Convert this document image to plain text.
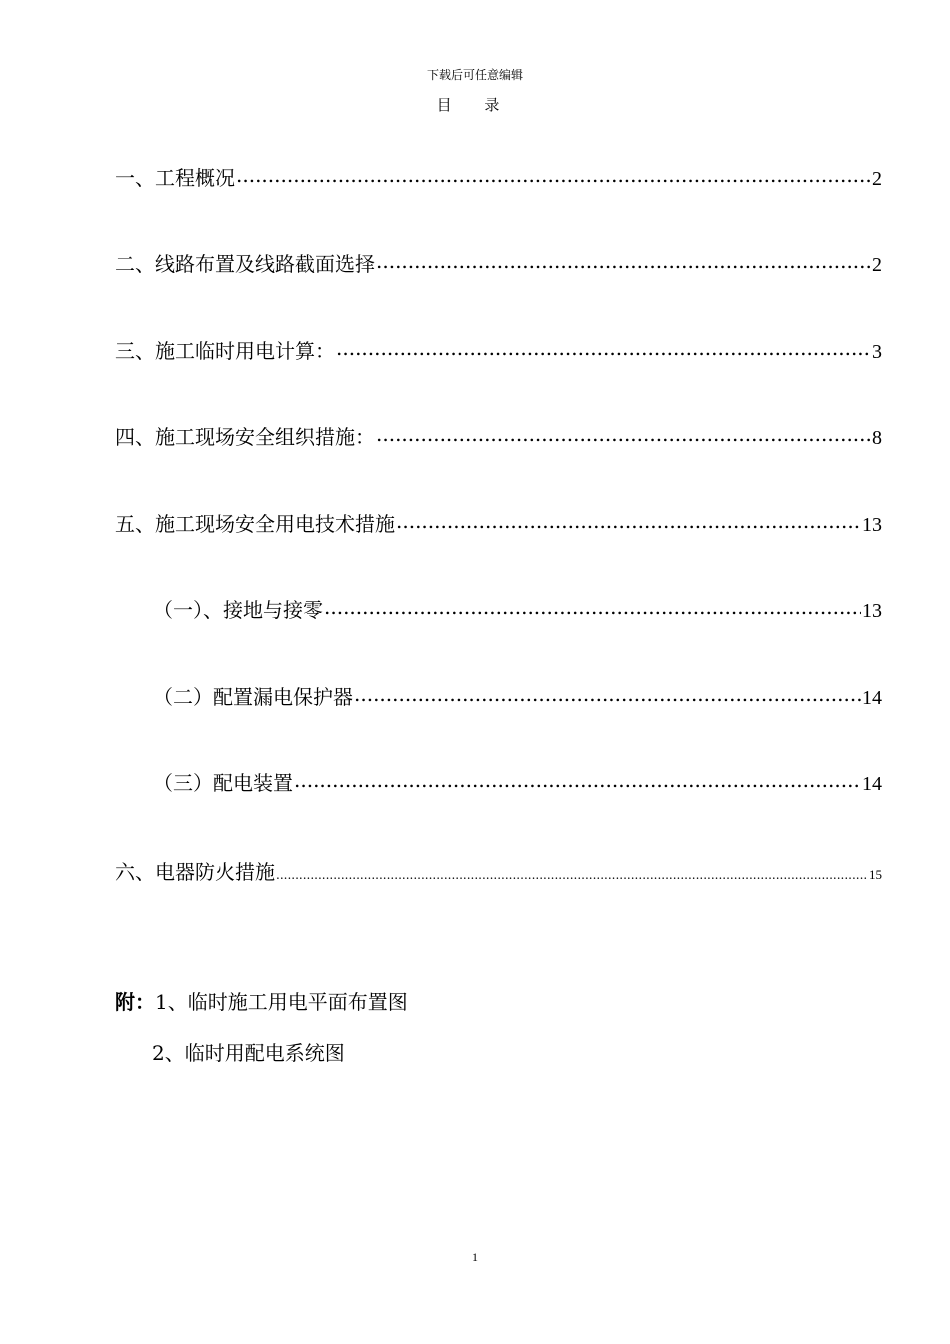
下载后可任意编辑
目 录
一、工程概况 .....	2
二、线路布置及线路截面选择 .....	2
三、施工临时用电计算： .....	3
四、施工现场安全组织措施： .....	8
五、施工现场安全用电技术措施 .....	13
（一）、接地与接零 .....	13
（二）配置漏电保护器 .....	14
（三）配电装置 .....	14
六、电器防火措施 .....	15
附：1、临时施工用电平面布置图
2、临时用配电系统图
1
